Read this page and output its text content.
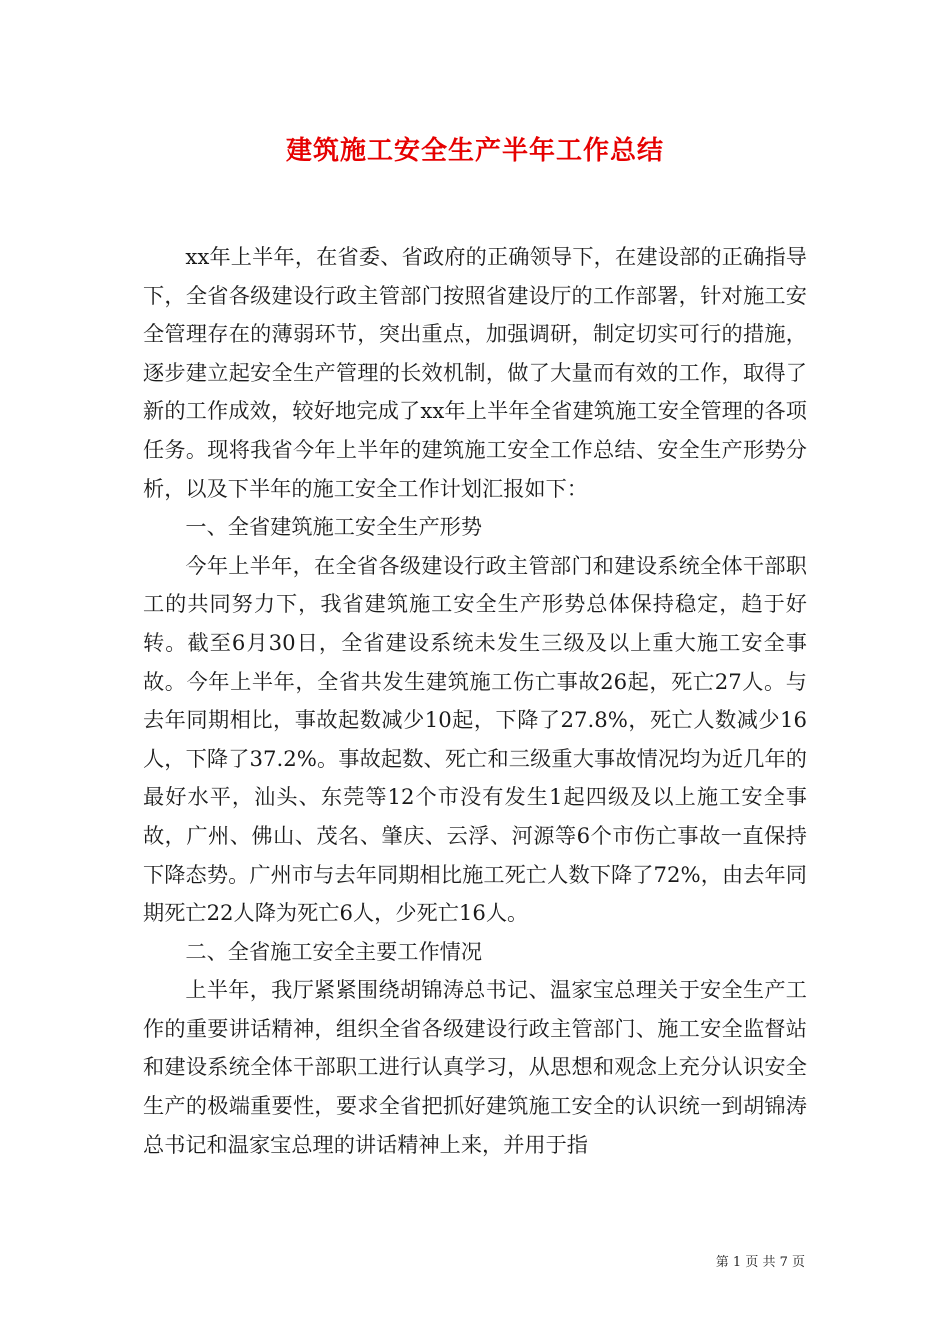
建筑施工安全生产半年工作总结

xx年上半年，在省委、省政府的正确领导下，在建设部的正确指导下，全省各级建设行政主管部门按照省建设厅的工作部署，针对施工安全管理存在的薄弱环节，突出重点，加强调研，制定切实可行的措施，逐步建立起安全生产管理的长效机制，做了大量而有效的工作，取得了新的工作成效，较好地完成了xx年上半年全省建筑施工安全管理的各项任务。现将我省今年上半年的建筑施工安全工作总结、安全生产形势分析，以及下半年的施工安全工作计划汇报如下：

一、全省建筑施工安全生产形势

今年上半年，在全省各级建设行政主管部门和建设系统全体干部职工的共同努力下，我省建筑施工安全生产形势总体保持稳定，趋于好转。截至6月30日，全省建设系统未发生三级及以上重大施工安全事故。今年上半年，全省共发生建筑施工伤亡事故26起，死亡27人。与去年同期相比，事故起数减少10起，下降了27.8%，死亡人数减少16人，下降了37.2%。事故起数、死亡和三级重大事故情况均为近几年的最好水平，汕头、东莞等12个市没有发生1起四级及以上施工安全事故，广州、佛山、茂名、肇庆、云浮、河源等6个市伤亡事故一直保持下降态势。广州市与去年同期相比施工死亡人数下降了72%，由去年同期死亡22人降为死亡6人，少死亡16人。

二、全省施工安全主要工作情况

上半年，我厅紧紧围绕胡锦涛总书记、温家宝总理关于安全生产工作的重要讲话精神，组织全省各级建设行政主管部门、施工安全监督站和建设系统全体干部职工进行认真学习，从思想和观念上充分认识安全生产的极端重要性，要求全省把抓好建筑施工安全的认识统一到胡锦涛总书记和温家宝总理的讲话精神上来，并用于指

第 1 页 共 7 页
